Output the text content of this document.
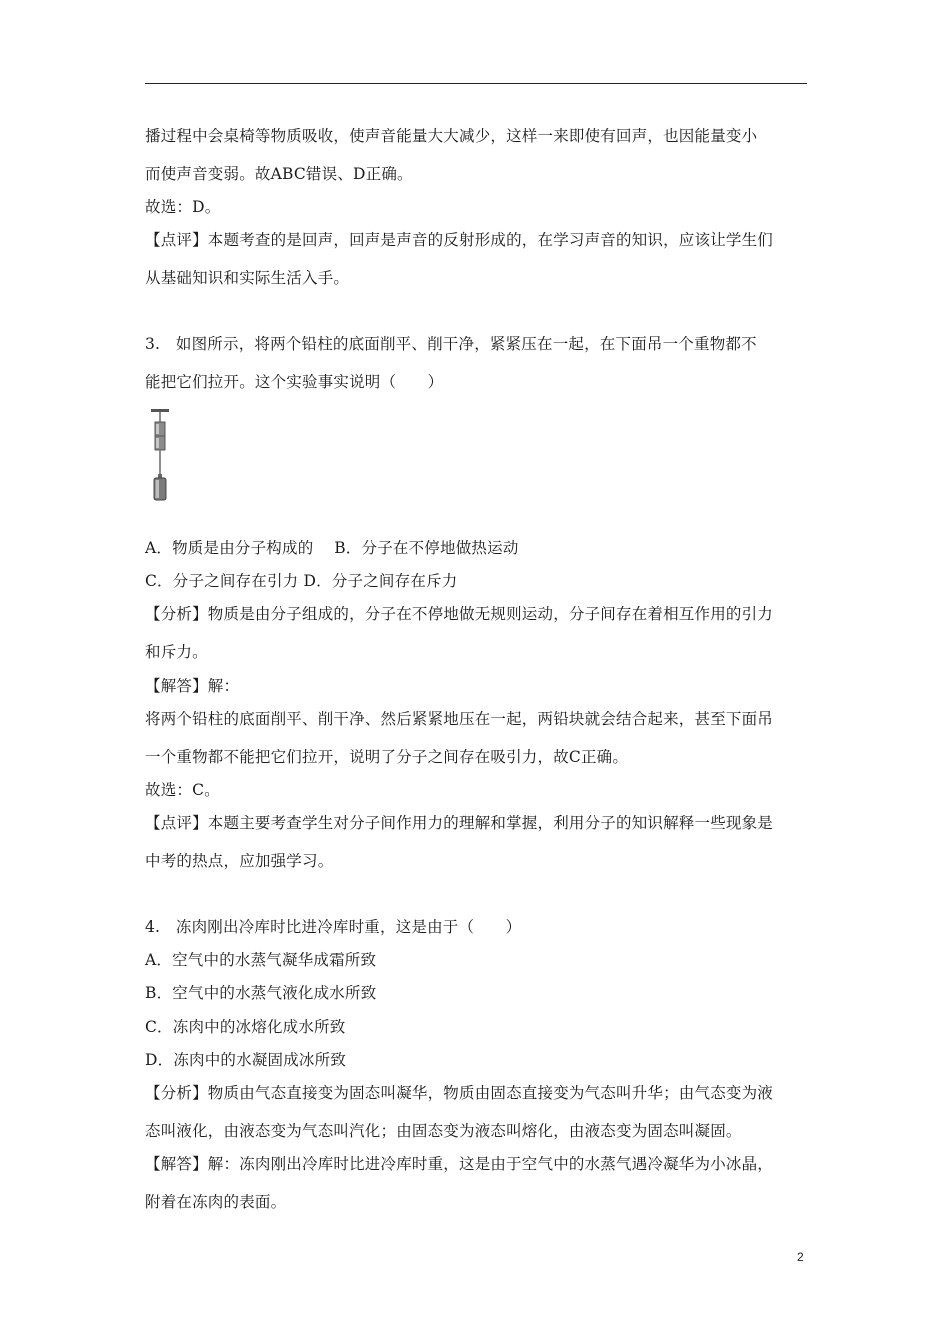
播过程中会桌椅等物质吸收，使声音能量大大减少，这样一来即使有回声，也因能量变小
而使声音变弱。故ABC错误、D正确。
故选：D。
【点评】本题考查的是回声，回声是声音的反射形成的，在学习声音的知识，应该让学生们
从基础知识和实际生活入手。
3.　如图所示，将两个铅柱的底面削平、削干净，紧紧压在一起，在下面吊一个重物都不
能把它们拉开。这个实验事实说明（　　）
A．物质是由分子构成的　 B．分子在不停地做热运动
C．分子之间存在引力 D．分子之间存在斥力
【分析】物质是由分子组成的，分子在不停地做无规则运动，分子间存在着相互作用的引力
和斥力。
【解答】解：
将两个铅柱的底面削平、削干净、然后紧紧地压在一起，两铅块就会结合起来，甚至下面吊
一个重物都不能把它们拉开，说明了分子之间存在吸引力，故C正确。
故选：C。
【点评】本题主要考查学生对分子间作用力的理解和掌握，利用分子的知识解释一些现象是
中考的热点，应加强学习。
4.　冻肉刚出冷库时比进冷库时重，这是由于（　　）
A．空气中的水蒸气凝华成霜所致
B．空气中的水蒸气液化成水所致
C．冻肉中的冰熔化成水所致
D．冻肉中的水凝固成冰所致
【分析】物质由气态直接变为固态叫凝华，物质由固态直接变为气态叫升华；由气态变为液
态叫液化，由液态变为气态叫汽化；由固态变为液态叫熔化，由液态变为固态叫凝固。
【解答】解：冻肉刚出冷库时比进冷库时重，这是由于空气中的水蒸气遇冷凝华为小冰晶，
附着在冻肉的表面。
2
